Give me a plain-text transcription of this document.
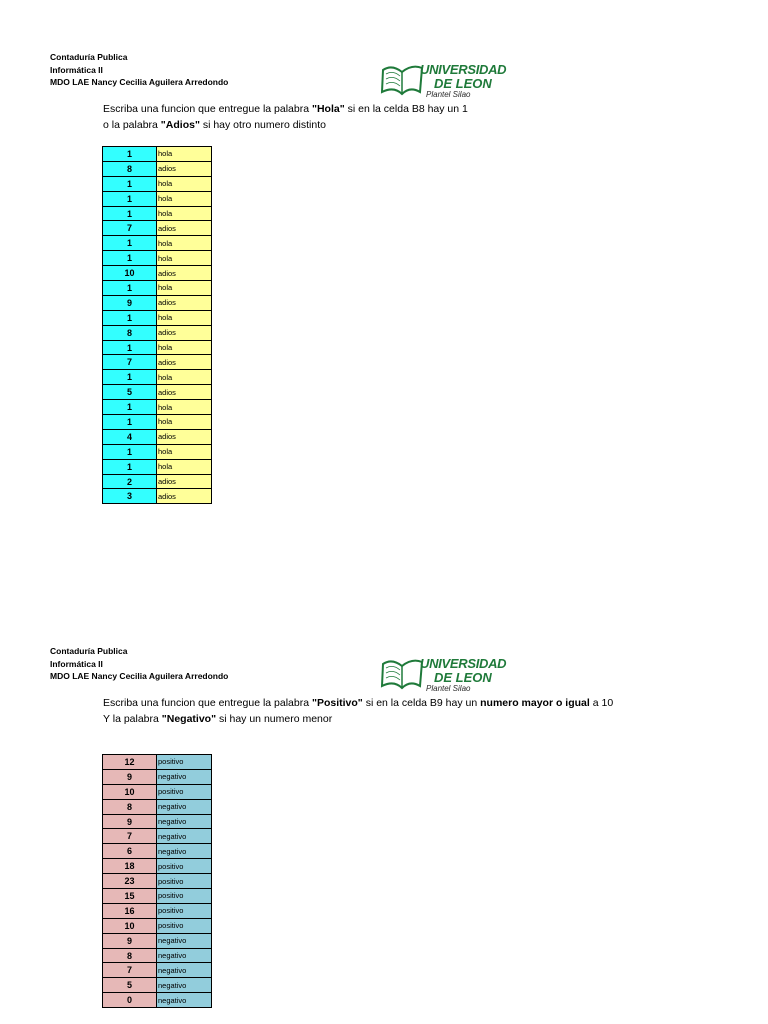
Contaduría Publica
Informática II
MDO LAE Nancy Cecilia Aguilera Arredondo
UNIVERSIDAD
DE LEON
Plantel Silao
Escriba una funcion que entregue la palabra "Hola" si en la celda B8 hay un 1
o la palabra "Adios" si hay otro numero distinto
1	hola
8	adios
1	hola
1	hola
1	hola
7	adios
1	hola
1	hola
10	adios
1	hola
9	adios
1	hola
8	adios
1	hola
7	adios
1	hola
5	adios
1	hola
1	hola
4	adios
1	hola
1	hola
2	adios
3	adios
Contaduría Publica
Informática II
MDO LAE Nancy Cecilia Aguilera Arredondo
UNIVERSIDAD
DE LEON
Plantel Silao
Escriba una funcion que entregue la palabra "Positivo" si en la celda B9 hay un numero mayor o igual a 10
Y la palabra "Negativo" si hay un numero menor
12	positivo
9	negativo
10	positivo
8	negativo
9	negativo
7	negativo
6	negativo
18	positivo
23	positivo
15	positivo
16	positivo
10	positivo
9	negativo
8	negativo
7	negativo
5	negativo
0	negativo
